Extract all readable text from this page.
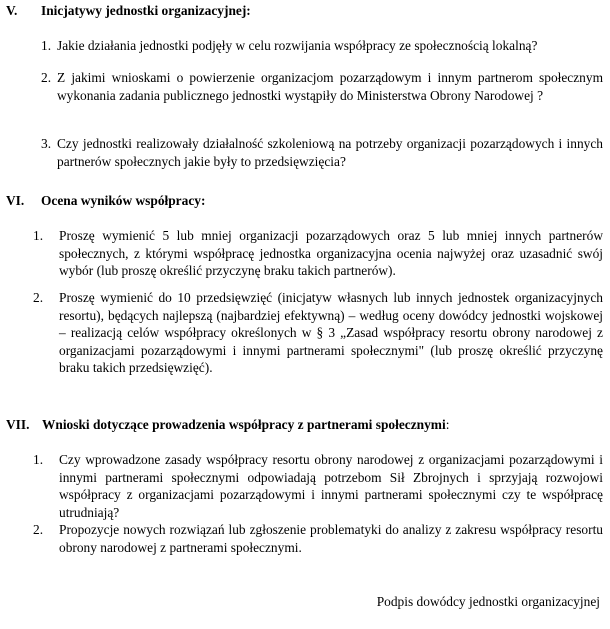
V. Inicjatywy jednostki organizacyjnej:
1. Jakie działania jednostki podjęły w celu rozwijania współpracy ze społecznością lokalną?

2. Z jakimi wnioskami o powierzenie organizacjom pozarządowym i innym partnerom społecznym wykonania zadania publicznego jednostki wystąpiły do Ministerstwa Obrony Narodowej ?

3. Czy jednostki realizowały działalność szkoleniową na potrzeby organizacji pozarządowych i innych partnerów społecznych jakie były to przedsięwzięcia?

VI. Ocena wyników współpracy:
1. Proszę wymienić 5 lub mniej organizacji pozarządowych oraz 5 lub mniej innych partnerów społecznych, z którymi współpracę jednostka organizacyjna ocenia najwyżej oraz uzasadnić swój wybór (lub proszę określić przyczynę braku takich partnerów).

2. Proszę wymienić do 10 przedsięwzięć (inicjatyw własnych lub innych jednostek organizacyjnych resortu), będących najlepszą (najbardziej efektywną) – według oceny dowódcy jednostki wojskowej – realizacją celów współpracy określonych w § 3 „Zasad współpracy resortu obrony narodowej z organizacjami pozarządowymi i innymi partnerami społecznymi" (lub proszę określić przyczynę braku takich przedsięwzięć).

VII. Wnioski dotyczące prowadzenia współpracy z partnerami społecznymi:
1. Czy wprowadzone zasady współpracy resortu obrony narodowej z organizacjami pozarządowymi i innymi partnerami społecznymi odpowiadają potrzebom Sił Zbrojnych i sprzyjają rozwojowi współpracy z organizacjami pozarządowymi i innymi partnerami społecznymi czy te współpracę utrudniają?

2. Propozycje nowych rozwiązań lub zgłoszenie problematyki do analizy z zakresu współpracy resortu obrony narodowej z partnerami społecznymi.

Podpis dowódcy jednostki organizacyjnej
